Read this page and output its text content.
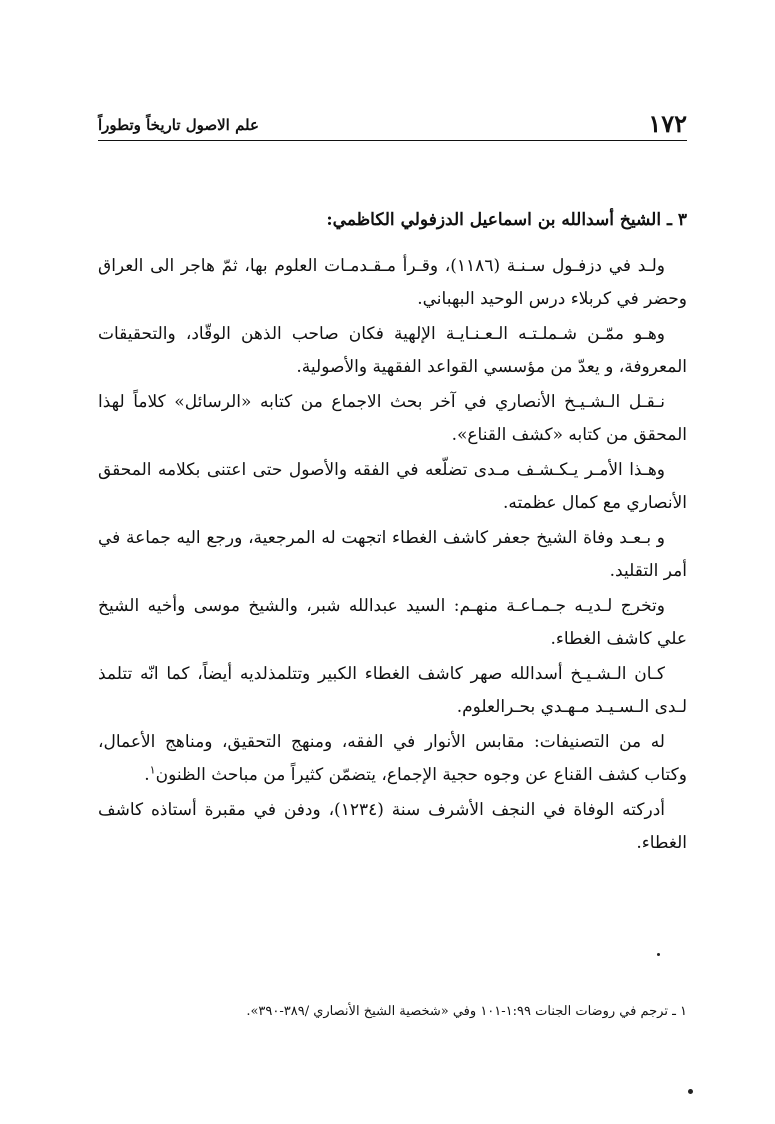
١٧٢
علم الاصول تاريخاً وتطوراً

٣ ـ الشيخ أسدالله بن اسماعيل الدزفولي الكاظمي:

ولـد في دزفـول سـنـة (١١٨٦)، وقـرأ مـقـدمـات العلوم بها، ثمّ هاجر الى العراق وحضر في كربلاء درس الوحيد البهباني.

وهـو ممّـن شـملـتـه الـعـنـايـة الإلهية فكان صاحب الذهن الوقّاد، والتحقيقات المعروفة، و يعدّ من مؤسسي القواعد الفقهية والأصولية.

نـقـل الـشـيـخ الأنصاري في آخر بحث الاجماع من كتابه «الرسائل» كلاماً لهذا المحقق من كتابه «كشف القناع».

وهـذا الأمـر يـكـشـف مـدى تضلّعه في الفقه والأصول حتى اعتنى بكلامه المحقق الأنصاري مع كمال عظمته.

و بـعـد وفاة الشيخ جعفر كاشف الغطاء اتجهت له المرجعية، ورجع اليه جماعة في أمر التقليد.

وتخرج لـديـه جـمـاعـة منهـم: السيد عبدالله شبر، والشيخ موسى وأخيه الشيخ علي كاشف الغطاء.

كـان الـشـيـخ أسدالله صهر كاشف الغطاء الكبير وتتلمذلديه أيضاً، كما انّه تتلمذ لـدى الـسـيـد مـهـدي بحـرالعلوم.

له من التصنيفات: مقابس الأنوار في الفقه، ومنهج التحقيق، ومناهج الأعمال، وكتاب كشف القناع عن وجوه حجية الإجماع، يتضمّن كثيراً من مباحث الظنون$^١$.

أدركته الوفاة في النجف الأشرف سنة (١٢٣٤)، ودفن في مقبرة أستاذه كاشف الغطاء.

١ ـ ترجم في روضات الجنات ١:٩٩-١٠١ وفي «شخصية الشيخ الأنصاري /٣٨٩-٣٩٠».
